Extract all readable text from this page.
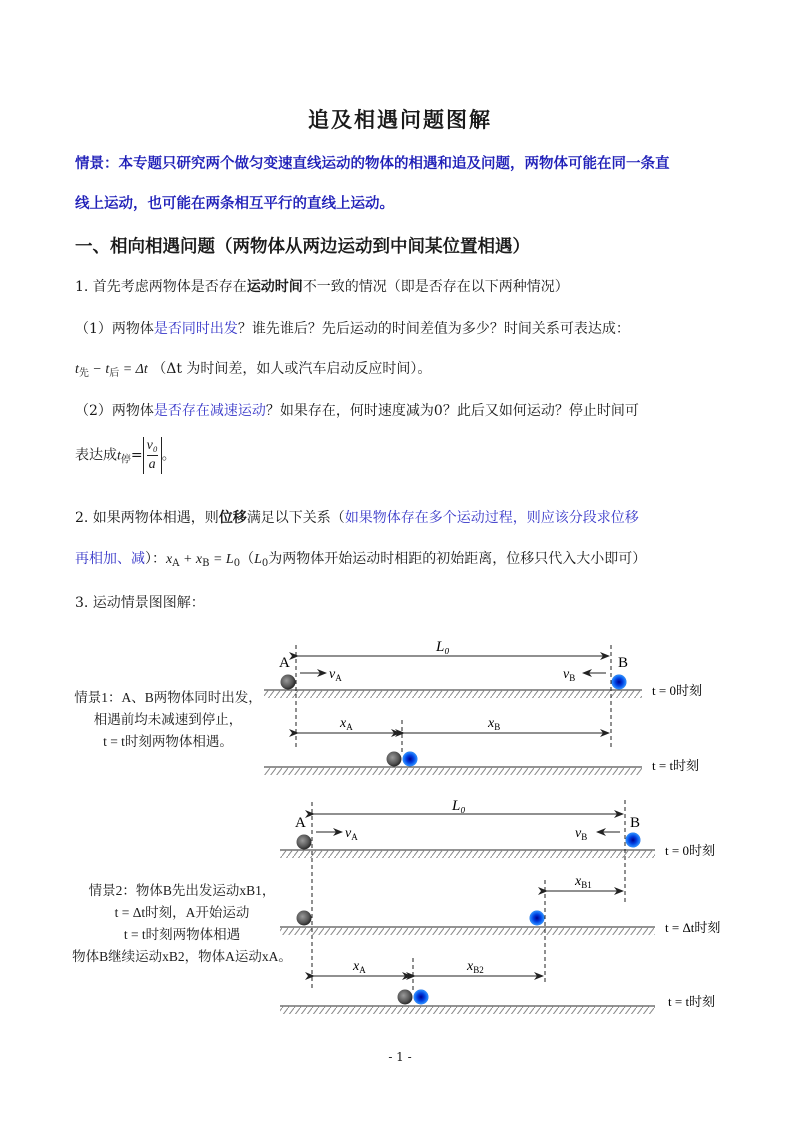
追及相遇问题图解
情景：本专题只研究两个做匀变速直线运动的物体的相遇和追及问题，两物体可能在同一条直
线上运动，也可能在两条相互平行的直线上运动。
一、相向相遇问题（两物体从两边运动到中间某位置相遇）
1. 首先考虑两物体是否存在运动时间不一致的情况（即是否存在以下两种情况）
（1）两物体是否同时出发？谁先谁后？先后运动的时间差值为多少？时间关系可表达成：
$t_先 - t_后 = \Delta t$ （Δt 为时间差，如人或汽车启动反应时间）。
（2）两物体是否存在减速运动？如果存在，何时速度减为0？此后又如何运动？停止时间可
表达成$t_停= \frac{\text{v₀}}{a}$ 。
2. 如果两物体相遇，则位移满足以下关系（如果物体存在多个运动过程，则应该分段求位移
再相加、减）：$x_A + x_B = L_0(L_0$为两物体开始运动时相距的初始距离，位移只代入大小即可）
3. 运动情景图图解：
情景1：A、B两物体同时出发，
相遇前均未减速到停止，
t = t时刻两物体相遇。
情景2：物体B先出发运动xB1，
t = Δt时刻，A开始运动
t = t时刻两物体相遇
物体B继续运动xB2，物体A运动xA。
L₀
A	B
$v_A$	$v_B$
$x_A$	$x_B$
t = 0时刻
t = t时刻
L₀
A	B
$v_A$	$v_B$
$x_{B1}$
$x_A$	$x_{B2}$
t = 0时刻
t = Δt时刻
t = t时刻
- 1 -
